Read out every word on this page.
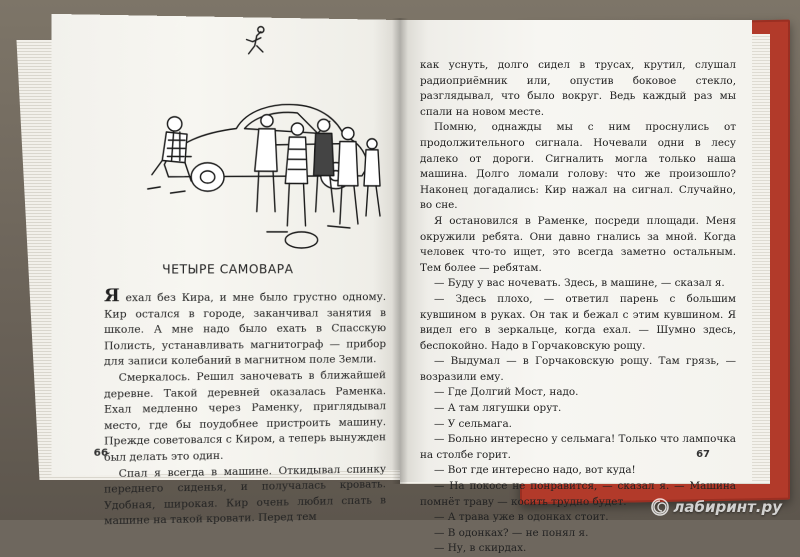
ЧЕТЫРЕ САМОВАРА

Я ехал без Кира, и мне было грустно одному. Кир остался в городе, заканчивал занятия в школе. А мне надо было ехать в Спасскую Полисть, устанавливать магнитограф — прибор для записи колебаний в магнитном поле Земли.

Смеркалось. Решил заночевать в ближайшей деревне. Такой деревней оказалась Раменка. Ехал медленно через Раменку, приглядывал место, где бы поудобнее пристроить машину. Прежде советовался с Киром, а теперь вынужден был делать это один.

Спал я всегда в машине. Откидывал спинку переднего сиденья, и получалась кровать. Удобная, широкая. Кир очень любил спать в машине на такой кровати. Перед тем

66

как уснуть, долго сидел в трусах, крутил, слушал радиоприёмник или, опустив боковое стекло, разглядывал, что было вокруг. Ведь каждый раз мы спали на новом месте.

Помню, однажды мы с ним проснулись от продолжительного сигнала. Ночевали одни в лесу далеко от дороги. Сигналить могла только наша машина. Долго ломали голову: что же произошло? Наконец догадались: Кир нажал на сигнал. Случайно, во сне.

Я остановился в Раменке, посреди площади. Меня окружили ребята. Они давно гнались за мной. Когда человек что-то ищет, это всегда заметно остальным. Тем более — ребятам.

— Буду у вас ночевать. Здесь, в машине, — сказал я.

— Здесь плохо, — ответил парень с большим кувшином в руках. Он так и бежал с этим кувшином. Я видел его в зеркальце, когда ехал. — Шумно здесь, беспокойно. Надо в Горчаковскую рощу.

— Выдумал — в Горчаковскую рощу. Там грязь, — возразили ему.

— Где Долгий Мост, надо.

— А там лягушки орут.

— У сельмага.

— Больно интересно у сельмага! Только что лампочка на столбе горит.

— Вот где интересно надо, вот куда!

— На покосе не понравится, — сказал я. — Машина помнёт траву — косить трудно будет.

— А трава уже в одонках стоит.

— В одонках? — не понял я.

— Ну, в скирдах.

67
лабиринт.ру
